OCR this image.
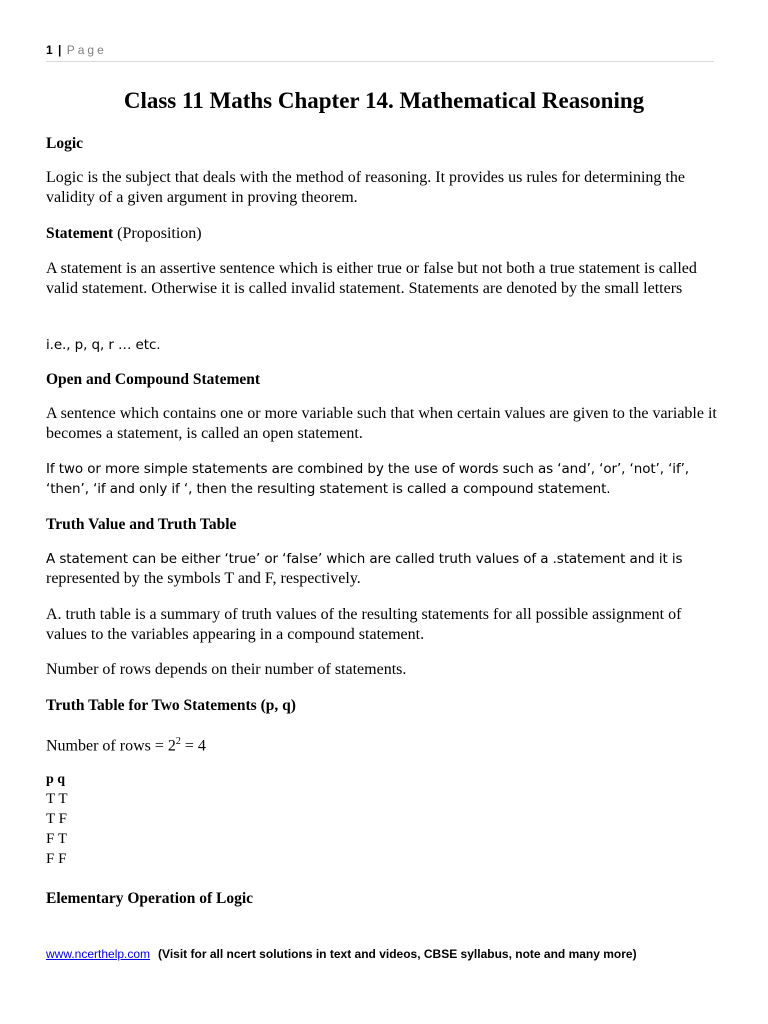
1 | Page
Class 11 Maths Chapter 14. Mathematical Reasoning

Logic

Logic is the subject that deals with the method of reasoning. It provides us rules for determining the validity of a given argument in proving theorem.

Statement (Proposition)

A statement is an assertive sentence which is either true or false but not both a true statement is called valid statement. Otherwise it is called invalid statement. Statements are denoted by the small letters

i.e., p, q, r … etc.

Open and Compound Statement

A sentence which contains one or more variable such that when certain values are given to the variable it becomes a statement, is called an open statement.

If two or more simple statements are combined by the use of words such as ‘and’, ‘or’, ‘not’, ‘if’, ‘then’, ‘if and only if ‘, then the resulting statement is called a compound statement.

Truth Value and Truth Table

A statement can be either ‘true’ or ‘false’ which are called truth values of a .statement and it is

represented by the symbols T and F, respectively.

A. truth table is a summary of truth values of the resulting statements for all possible assignment of values to the variables appearing in a compound statement.

Number of rows depends on their number of statements.

Truth Table for Two Statements (p, q)

Number of rows = $2^2 = 4$

p q

T T

T F

F T

F F

Elementary Operation of Logic

www.ncerthelp.com (Visit for all ncert solutions in text and videos, CBSE syllabus, note and many more)
